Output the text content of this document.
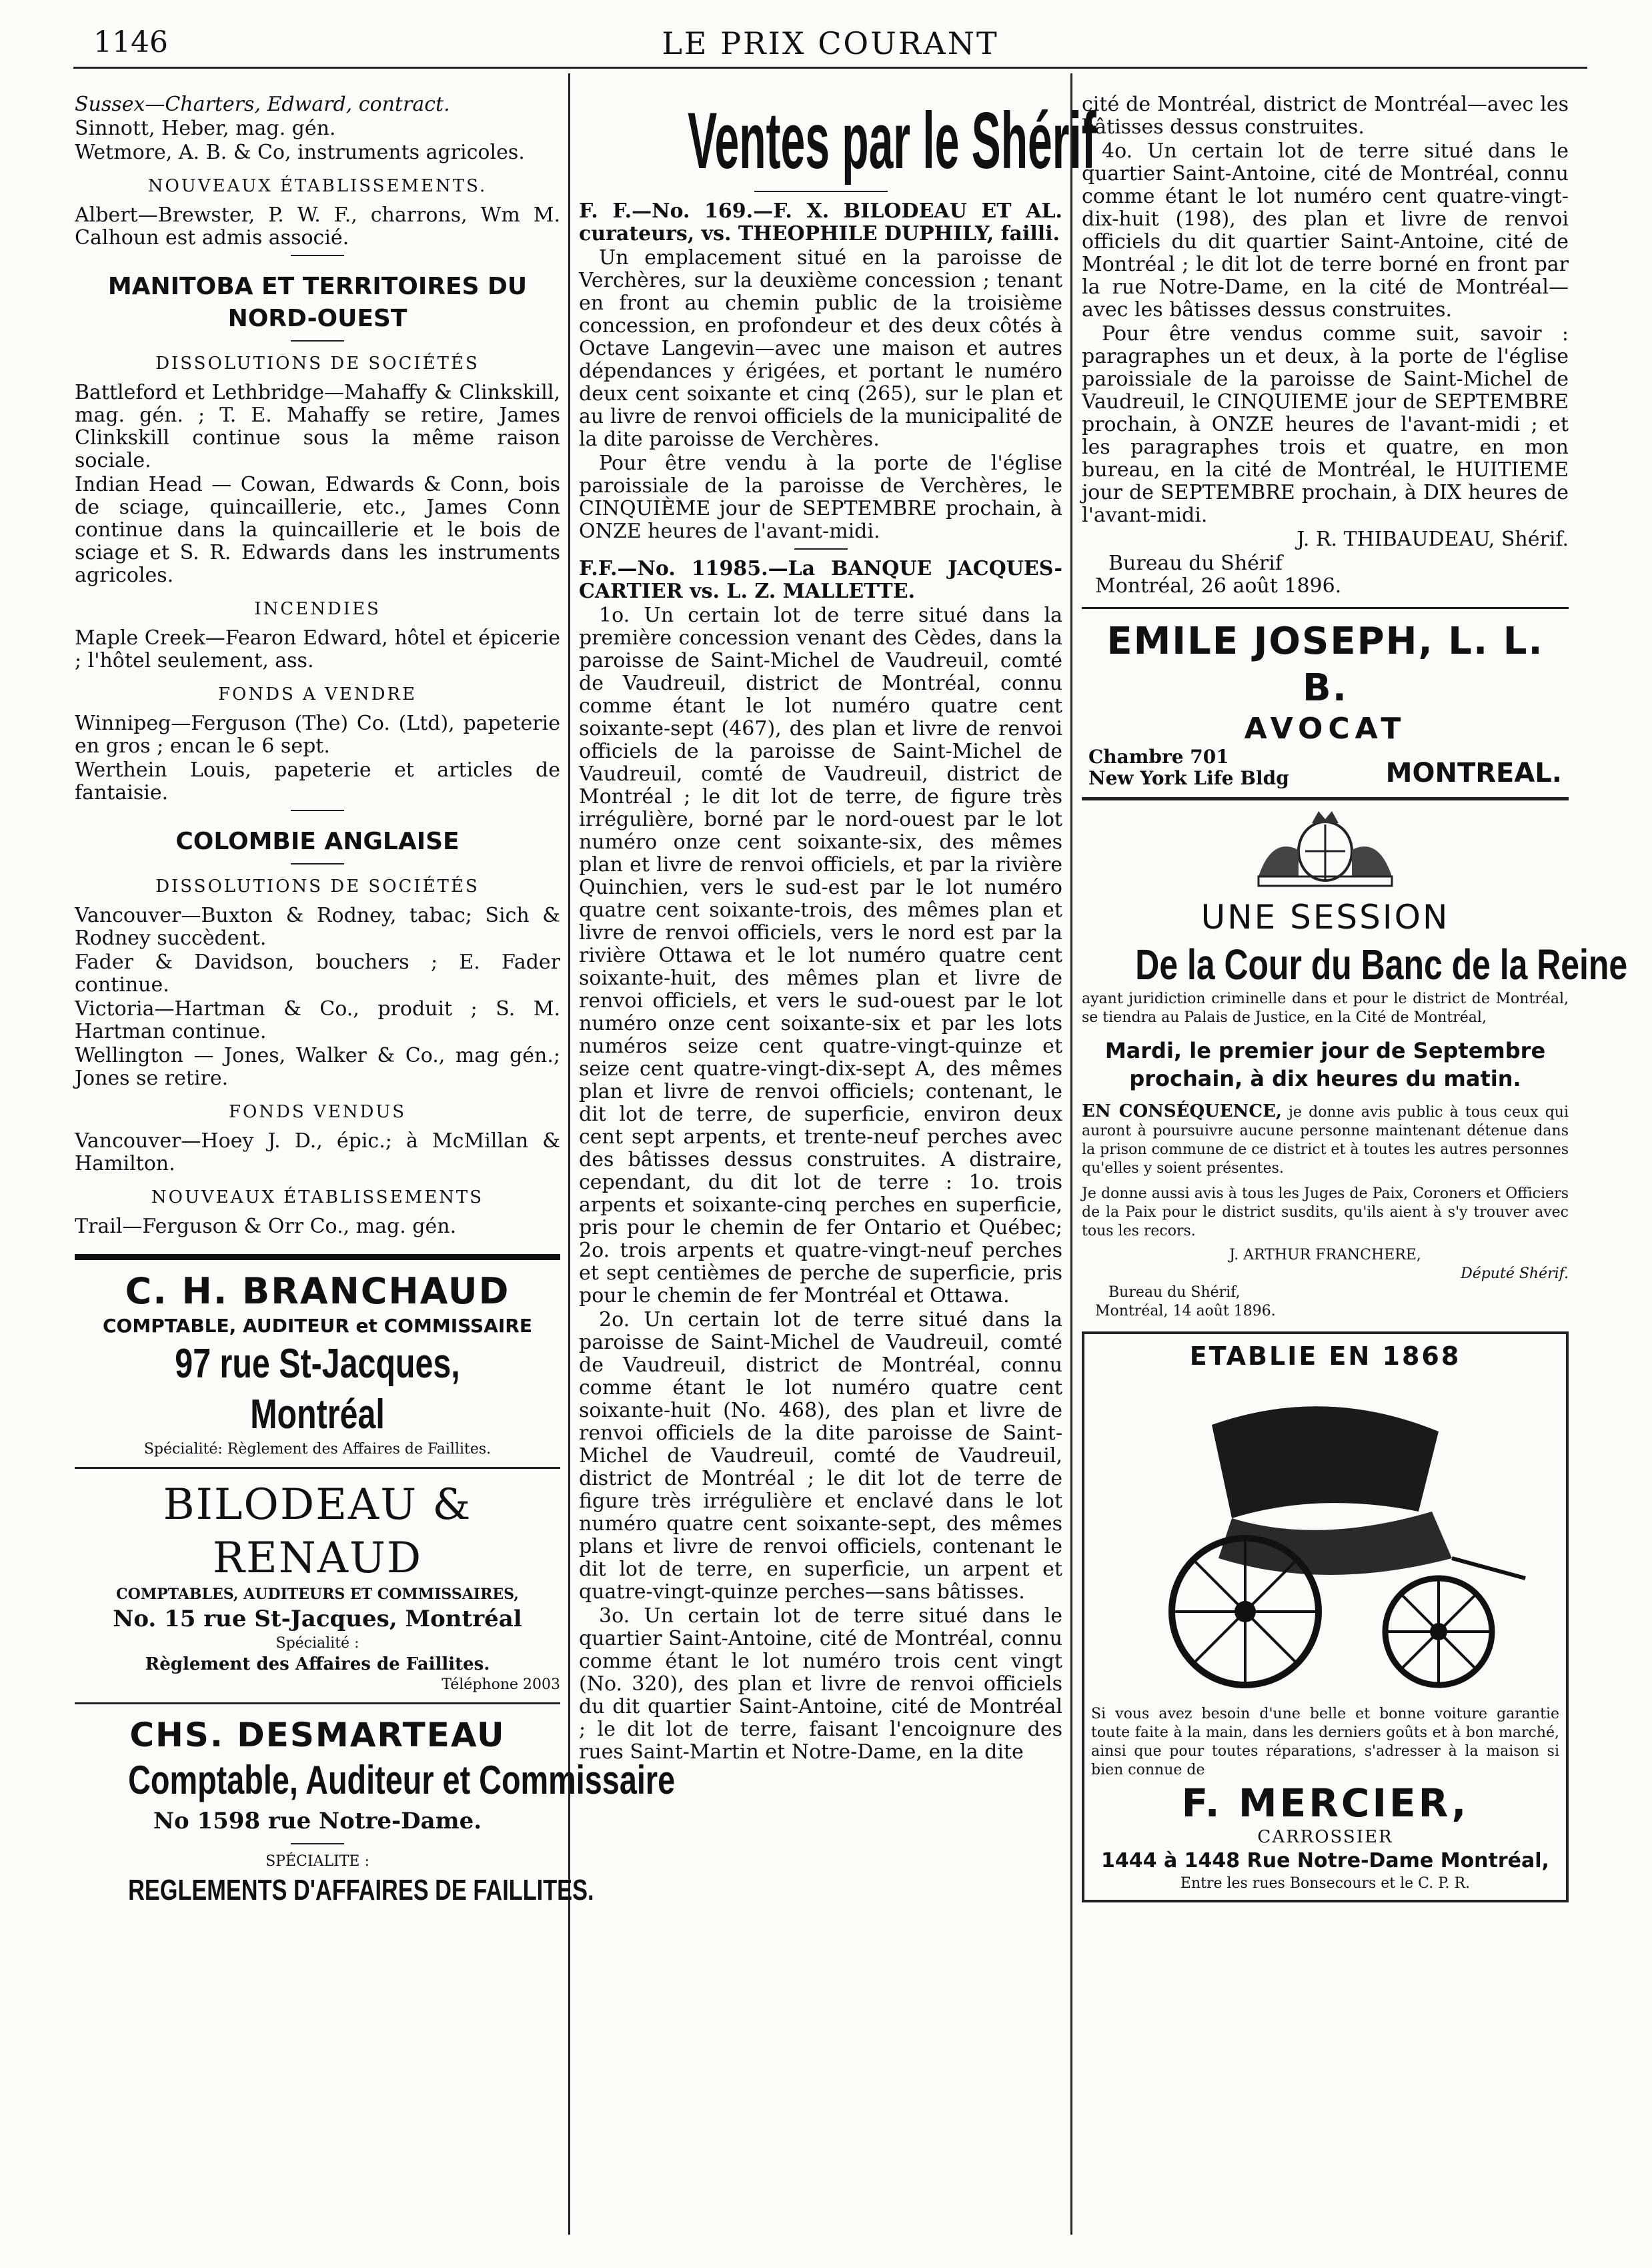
1146	LE PRIX COURANT

Sussex—Charters, Edward, contract.

Sinnott, Heber, mag. gén.

Wetmore, A. B. & Co, instruments agricoles.

NOUVEAUX ÉTABLISSEMENTS.

Albert—Brewster, P. W. F., charrons, Wm M. Calhoun est admis associé.

MANITOBA ET TERRITOIRES DU NORD-OUEST
DISSOLUTIONS DE SOCIÉTÉS

Battleford et Lethbridge—Mahaffy & Clinkskill, mag. gén. ; T. E. Mahaffy se retire, James Clinkskill continue sous la même raison sociale.

Indian Head — Cowan, Edwards & Conn, bois de sciage, quincaillerie, etc., James Conn continue dans la quincaillerie et le bois de sciage et S. R. Edwards dans les instruments agricoles.

INCENDIES

Maple Creek—Fearon Edward, hôtel et épicerie ; l'hôtel seulement, ass.

FONDS A VENDRE

Winnipeg—Ferguson (The) Co. (Ltd), papeterie en gros ; encan le 6 sept.

Werthein Louis, papeterie et articles de fantaisie.

COLOMBIE ANGLAISE
DISSOLUTIONS DE SOCIÉTÉS

Vancouver—Buxton & Rodney, tabac; Sich & Rodney succèdent.

Fader & Davidson, bouchers ; E. Fader continue.

Victoria—Hartman & Co., produit ; S. M. Hartman continue.

Wellington — Jones, Walker & Co., mag gén.; Jones se retire.

FONDS VENDUS

Vancouver—Hoey J. D., épic.; à McMillan & Hamilton.

NOUVEAUX ÉTABLISSEMENTS

Trail—Ferguson & Orr Co., mag. gén.

C. H. BRANCHAUD
COMPTABLE, AUDITEUR et COMMISSAIRE
97 rue St-Jacques, Montréal
Spécialité: Règlement des Affaires de Faillites.
BILODEAU & RENAUD
COMPTABLES, AUDITEURS ET COMMISSAIRES,
No. 15 rue St-Jacques, Montréal
Spécialité :
Règlement des Affaires de Faillites.
Téléphone 2003
CHS. DESMARTEAU
Comptable, Auditeur et Commissaire
No 1598 rue Notre-Dame.
SPÉCIALITE :
REGLEMENTS D'AFFAIRES DE FAILLITES.
Ventes par le Shérif

F. F.—No. 169.—F. X. BILODEAU ET AL. curateurs, vs. THEOPHILE DUPHILY, failli.

Un emplacement situé en la paroisse de Verchères, sur la deuxième concession ; tenant en front au chemin public de la troisième concession, en profondeur et des deux côtés à Octave Langevin—avec une maison et autres dépendances y érigées, et portant le numéro deux cent soixante et cinq (265), sur le plan et au livre de renvoi officiels de la municipalité de la dite paroisse de Verchères.

Pour être vendu à la porte de l'église paroissiale de la paroisse de Verchères, le CINQUIÈME jour de SEPTEMBRE prochain, à ONZE heures de l'avant-midi.

F.F.—No. 11985.—La BANQUE JACQUES-CARTIER vs. L. Z. MALLETTE.

1o. Un certain lot de terre situé dans la première concession venant des Cèdes, dans la paroisse de Saint-Michel de Vaudreuil, comté de Vaudreuil, district de Montréal, connu comme étant le lot numéro quatre cent soixante-sept (467), des plan et livre de renvoi officiels de la paroisse de Saint-Michel de Vaudreuil, comté de Vaudreuil, district de Montréal ; le dit lot de terre, de figure très irrégulière, borné par le nord-ouest par le lot numéro onze cent soixante-six, des mêmes plan et livre de renvoi officiels, et par la rivière Quinchien, vers le sud-est par le lot numéro quatre cent soixante-trois, des mêmes plan et livre de renvoi officiels, vers le nord est par la rivière Ottawa et le lot numéro quatre cent soixante-huit, des mêmes plan et livre de renvoi officiels, et vers le sud-ouest par le lot numéro onze cent soixante-six et par les lots numéros seize cent quatre-vingt-quinze et seize cent quatre-vingt-dix-sept A, des mêmes plan et livre de renvoi officiels; contenant, le dit lot de terre, de superficie, environ deux cent sept arpents, et trente-neuf perches avec des bâtisses dessus construites. A distraire, cependant, du dit lot de terre : 1o. trois arpents et soixante-cinq perches en superficie, pris pour le chemin de fer Ontario et Québec; 2o. trois arpents et quatre-vingt-neuf perches et sept centièmes de perche de superficie, pris pour le chemin de fer Montréal et Ottawa.

2o. Un certain lot de terre situé dans la paroisse de Saint-Michel de Vaudreuil, comté de Vaudreuil, district de Montréal, connu comme étant le lot numéro quatre cent soixante-huit (No. 468), des plan et livre de renvoi officiels de la dite paroisse de Saint-Michel de Vaudreuil, comté de Vaudreuil, district de Montréal ; le dit lot de terre de figure très irrégulière et enclavé dans le lot numéro quatre cent soixante-sept, des mêmes plans et livre de renvoi officiels, contenant le dit lot de terre, en superficie, un arpent et quatre-vingt-quinze perches—sans bâtisses.

3o. Un certain lot de terre situé dans le quartier Saint-Antoine, cité de Montréal, connu comme étant le lot numéro trois cent vingt (No. 320), des plan et livre de renvoi officiels du dit quartier Saint-Antoine, cité de Montréal ; le dit lot de terre, faisant l'encoignure des rues Saint-Martin et Notre-Dame, en la dite

cité de Montréal, district de Montréal—avec les bâtisses dessus construites.

4o. Un certain lot de terre situé dans le quartier Saint-Antoine, cité de Montréal, connu comme étant le lot numéro cent quatre-vingt-dix-huit (198), des plan et livre de renvoi officiels du dit quartier Saint-Antoine, cité de Montréal ; le dit lot de terre borné en front par la rue Notre-Dame, en la cité de Montréal—avec les bâtisses dessus construites.

Pour être vendus comme suit, savoir : paragraphes un et deux, à la porte de l'église paroissiale de la paroisse de Saint-Michel de Vaudreuil, le CINQUIEME jour de SEPTEMBRE prochain, à ONZE heures de l'avant-midi ; et les paragraphes trois et quatre, en mon bureau, en la cité de Montréal, le HUITIEME jour de SEPTEMBRE prochain, à DIX heures de l'avant-midi.

J. R. THIBAUDEAU, Shérif.

Bureau du Shérif

Montréal, 26 août 1896.

EMILE JOSEPH, L. L. B.
AVOCAT
Chambre 701
New York Life Bldg	MONTREAL.
UNE SESSION
De la Cour du Banc de la Reine
ayant juridiction criminelle dans et pour le district de Montréal, se tiendra au Palais de Justice, en la Cité de Montréal,
Mardi, le premier jour de Septembre prochain, à dix heures du matin.
EN CONSÉQUENCE, je donne avis public à tous ceux qui auront à poursuivre aucune personne maintenant détenue dans la prison commune de ce district et à toutes les autres personnes qu'elles y soient présentes.
Je donne aussi avis à tous les Juges de Paix, Coroners et Officiers de la Paix pour le district susdits, qu'ils aient à s'y trouver avec tous les recors.
J. ARTHUR FRANCHERE,
Député Shérif.
Bureau du Shérif,
Montréal, 14 août 1896.
ETABLIE EN 1868
Si vous avez besoin d'une belle et bonne voiture garantie toute faite à la main, dans les derniers goûts et à bon marché, ainsi que pour toutes réparations, s'adresser à la maison si bien connue de
F. MERCIER,
CARROSSIER
1444 à 1448 Rue Notre-Dame Montréal,
Entre les rues Bonsecours et le C. P. R.
